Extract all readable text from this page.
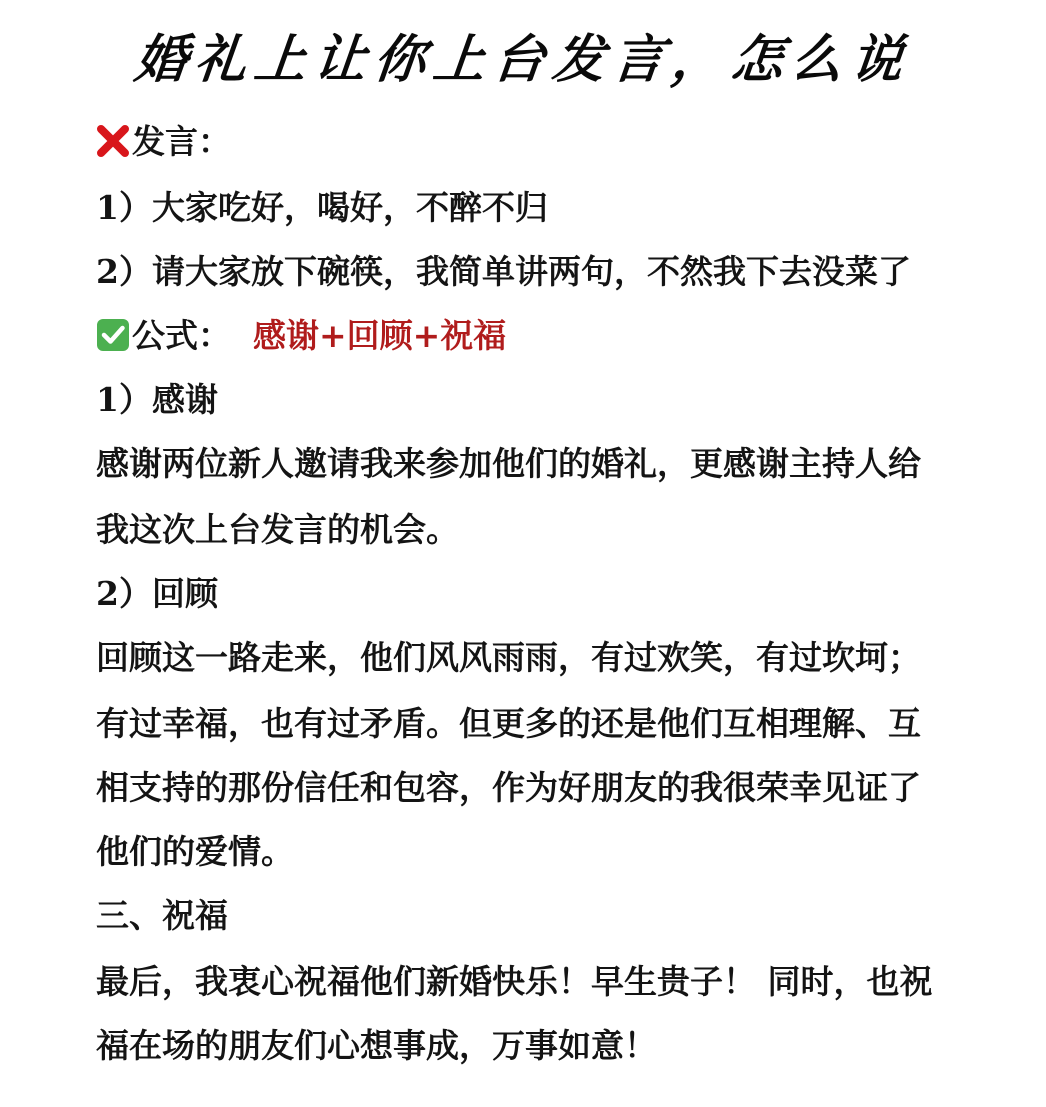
婚礼上让你上台发言，怎么说
发言：
1）大家吃好，喝好，不醉不归
2）请大家放下碗筷，我简单讲两句，不然我下去没菜了
公式： 感谢+回顾+祝福
1）感谢
感谢两位新人邀请我来参加他们的婚礼，更感谢主持人给
我这次上台发言的机会。
2）回顾
回顾这一路走来，他们风风雨雨，有过欢笑，有过坎坷；
有过幸福，也有过矛盾。但更多的还是他们互相理解、互
相支持的那份信任和包容，作为好朋友的我很荣幸见证了
他们的爱情。
三、祝福
最后，我衷心祝福他们新婚快乐！早生贵子！ 同时，也祝
福在场的朋友们心想事成，万事如意！
